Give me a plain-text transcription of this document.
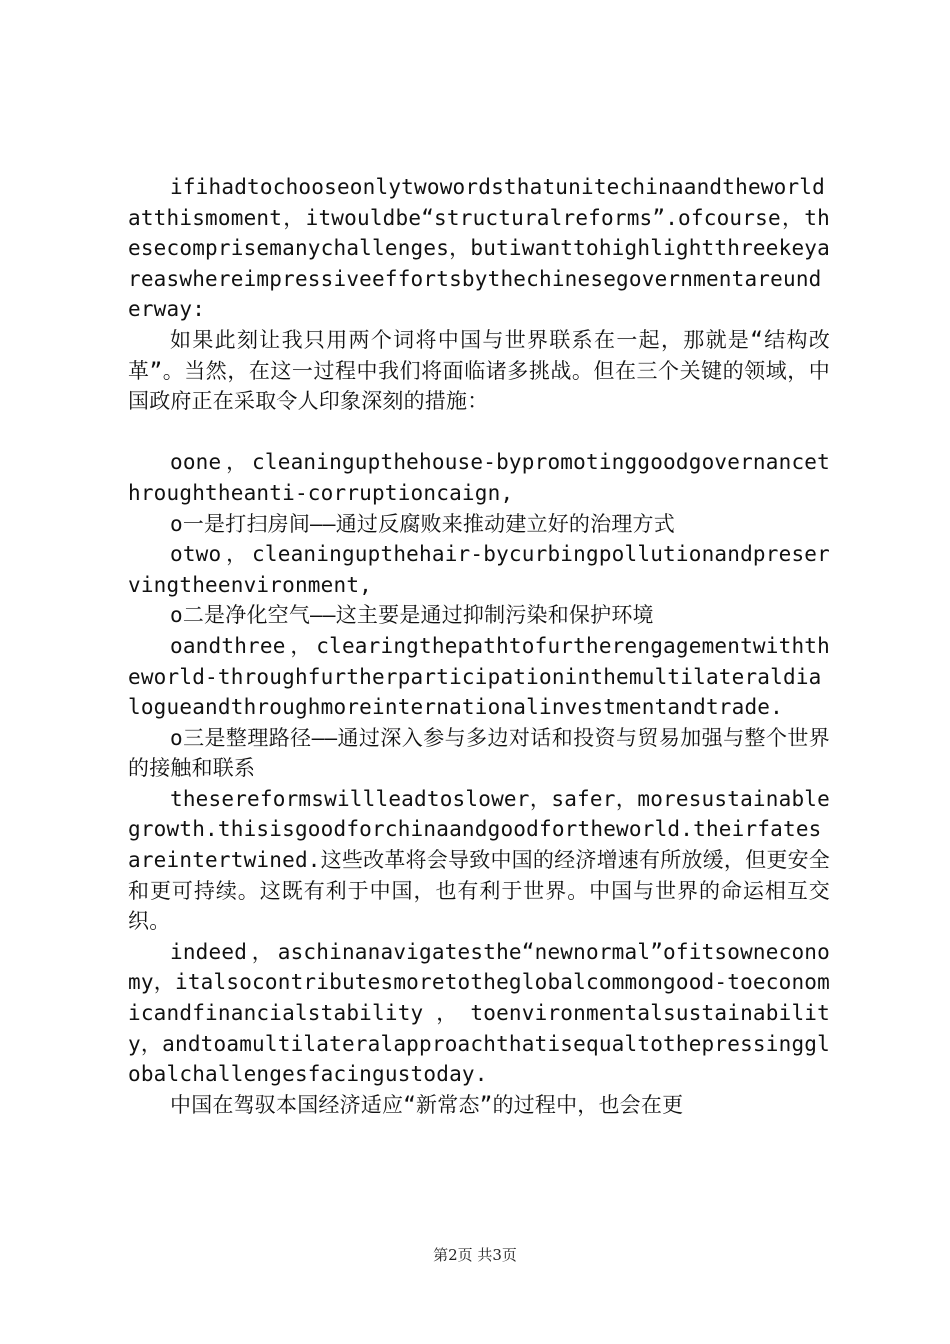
ifihadtochooseonlytwowordsthatunitechinaandtheworldatthismoment，itwouldbe“structuralreforms”.ofcourse，thesecomprisemanychallenges，butiwanttohighlightthreekeyareaswhereimpressiveeffortsbythechinesegovernmentareunderway:

如果此刻让我只用两个词将中国与世界联系在一起，那就是“结构改革”。当然，在这一过程中我们将面临诸多挑战。但在三个关键的领域，中国政府正在采取令人印象深刻的措施：

oone，cleaningupthehouse-bypromotinggoodgovernancethroughtheanti-corruptioncaign,

o一是打扫房间——通过反腐败来推动建立好的治理方式

otwo，cleaningupthehair-bycurbingpollutionandpreservingtheenvironment,

o二是净化空气——这主要是通过抑制污染和保护环境

oandthree，clearingthepathtofurtherengagementwiththeworld-throughfurtherparticipationinthemultilateraldialogueandthroughmoreinternationalinvestmentandtrade.

o三是整理路径——通过深入参与多边对话和投资与贸易加强与整个世界的接触和联系

thesereformswillleadtoslower，safer，moresustainablegrowth.thisisgoodforchinaandgoodfortheworld.theirfatesareintertwined.这些改革将会导致中国的经济增速有所放缓，但更安全和更可持续。这既有利于中国，也有利于世界。中国与世界的命运相互交织。

indeed，aschinanavigatesthe“newnormal”ofitsowneconomy，italsocontributesmoretotheglobalcommongood-toeconomicandfinancialstability，toenvironmentalsustainability，andtoamultilateralapproachthatisequaltothepressingglobalchallengesfacingustoday.

中国在驾驭本国经济适应“新常态”的过程中，也会在更

第2页 共3页
